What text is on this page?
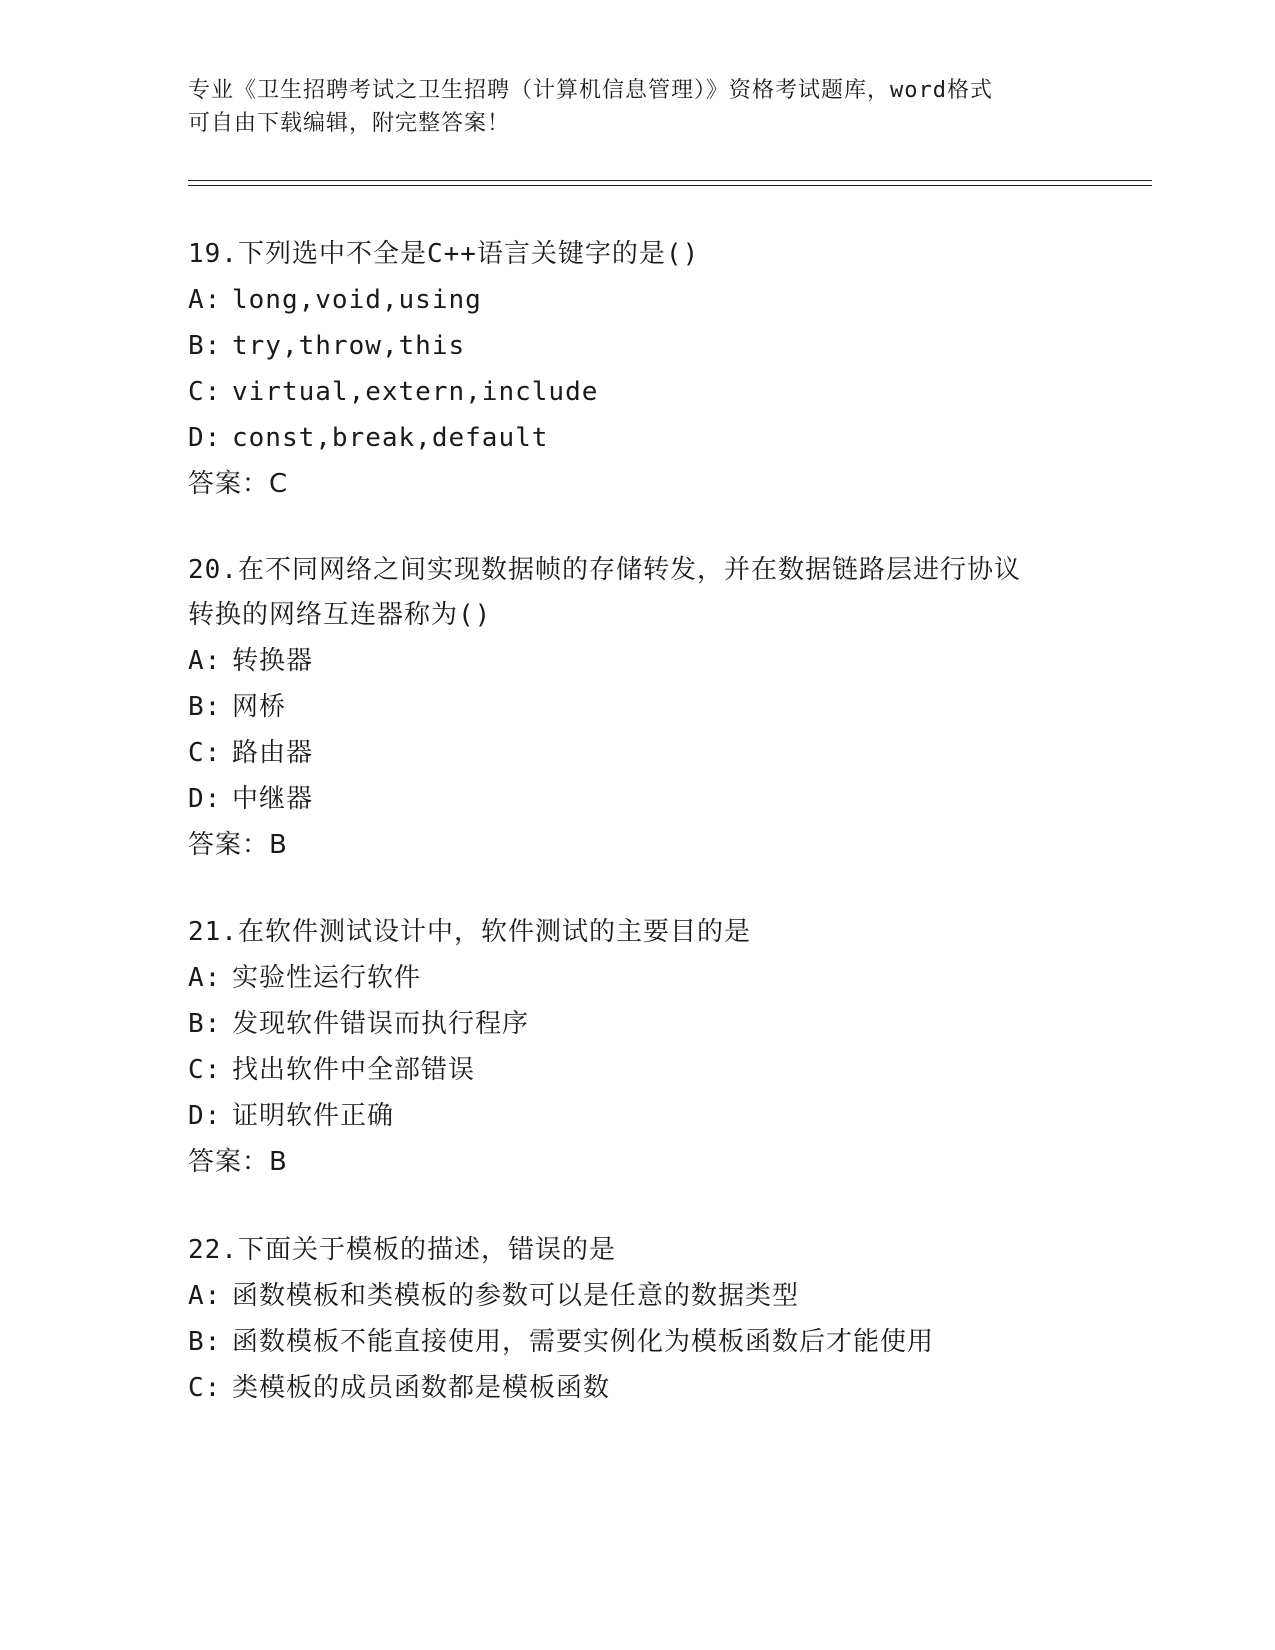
专业《卫生招聘考试之卫生招聘（计算机信息管理）》资格考试题库，word格式
可自由下载编辑，附完整答案！
19.下列选中不全是C++语言关键字的是()
A: long,void,using
B: try,throw,this
C: virtual,extern,include
D: const,break,default
答案：C
20.在不同网络之间实现数据帧的存储转发，并在数据链路层进行协议
转换的网络互连器称为()
A: 转换器
B: 网桥
C: 路由器
D: 中继器
答案：B
21.在软件测试设计中，软件测试的主要目的是
A: 实验性运行软件
B: 发现软件错误而执行程序
C: 找出软件中全部错误
D: 证明软件正确
答案：B
22.下面关于模板的描述，错误的是
A: 函数模板和类模板的参数可以是任意的数据类型
B: 函数模板不能直接使用，需要实例化为模板函数后才能使用
C: 类模板的成员函数都是模板函数
